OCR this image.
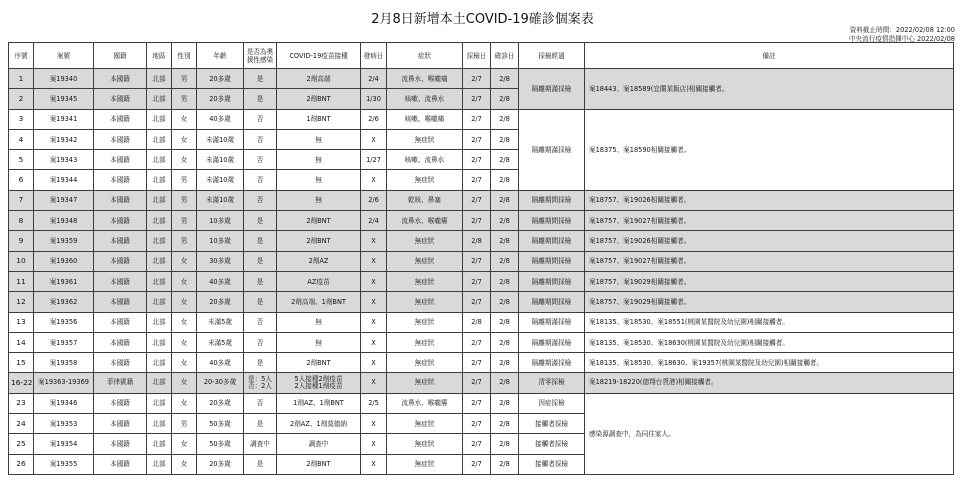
2月8日新增本土COVID-19確診個案表
資料截止時間：2022/02/08 12:00
中央流行疫情指揮中心 2022/02/08
序號	案號	國籍	地區	性別	年齡	是否為奧援性感染	COVID-19疫苗接種	發病日	症狀	採檢日	確診日	採檢經過	備註
1	案19340	本國籍	北部	男	20多歲	是	2劑高端	2/4	流鼻水、喉嚨痛	2/7	2/8	隔離期滿採檢	案18443、案18589(宜蘭某飯店)相關接觸者。
2	案19345	本國籍	北部	男	20多歲	是	2劑BNT	1/30	咳嗽、流鼻水	2/7	2/8		
3	案19341	本國籍	北部	女	40多歲	否	1劑BNT	2/6	咳嗽、喉嚨痛	2/7	2/8	隔離期滿採檢	案18375、案18590相關接觸者。
4	案19342	本國籍	北部	女	未滿10歲	否	無	X	無症狀	2/7	2/8		
5	案19343	本國籍	北部	女	未滿10歲	否	無	1/27	咳嗽、流鼻水	2/7	2/8		
6	案19344	本國籍	北部	男	未滿10歲	否	無	X	無症狀	2/7	2/8		
7	案19347	本國籍	北部	男	未滿10歲	否	無	2/6	乾咳、鼻塞	2/7	2/8	隔離期間採檢	案18757、案19026相關接觸者。
8	案19348	本國籍	北部	男	10多歲	是	2劑BNT	2/4	流鼻水、喉嚨癢	2/7	2/8	隔離期間採檢	案18757、案19027相關接觸者。
9	案19359	本國籍	北部	男	10多歲	是	2劑BNT	X	無症狀	2/8	2/8	隔離期間採檢	案18757、案19026相關接觸者。
10	案19360	本國籍	北部	女	30多歲	是	2劑AZ	X	無症狀	2/7	2/8	隔離期間採檢	案18757、案19027相關接觸者。
11	案19361	本國籍	北部	女	40多歲	是	AZ疫苗	X	無症狀	2/7	2/8	隔離期間採檢	案18757、案19029相關接觸者。
12	案19362	本國籍	北部	女	20多歲	是	2劑高端、1劑BNT	X	無症狀	2/7	2/8	隔離期間採檢	案18757、案19029相關接觸者。
13	案19356	本國籍	北部	女	未滿5歲	否	無	X	無症狀	2/8	2/8	隔離期滿採檢	案18135、案18530、案18551(桃園某醫院及幼兒園)相關接觸者。
14	案19357	本國籍	北部	女	未滿5歲	否	無	X	無症狀	2/7	2/8	隔離期滿採檢	案18135、案18530、案18630(桃園某醫院及幼兒園)相關接觸者。
15	案19358	本國籍	北部	女	40多歲	是	2劑BNT	X	無症狀	2/7	2/8	隔離期滿採檢	案18135、案18530、案18630、案19357(桃園某醫院及幼兒園)相關接觸者。
16-22	案19363-19369	菲律賓籍	北部	女	20-30多歲	是：5人
否：2人	5人接種2劑疫苗
2人接種1劑疫苗	X	無症狀	2/7	2/8	清零採檢	案18219-18220(德翔台貨港)相關接觸者。
23	案19346	本國籍	北部	女	20多歲	否	1劑AZ、1劑BNT	2/5	流鼻水、喉嚨癢	2/7	2/8	因症採檢	感染源調查中，為同住家人。
24	案19353	本國籍	北部	男	50多歲	是	2劑AZ、1劑莫德納	X	無症狀	2/7	2/8	接觸者採檢	
25	案19354	本國籍	北部	女	50多歲	調查中	調查中	X	無症狀	2/7	2/8	接觸者採檢	
26	案19355	本國籍	北部	女	20多歲	是	2劑BNT	X	無症狀	2/7	2/8	接觸者採檢	
